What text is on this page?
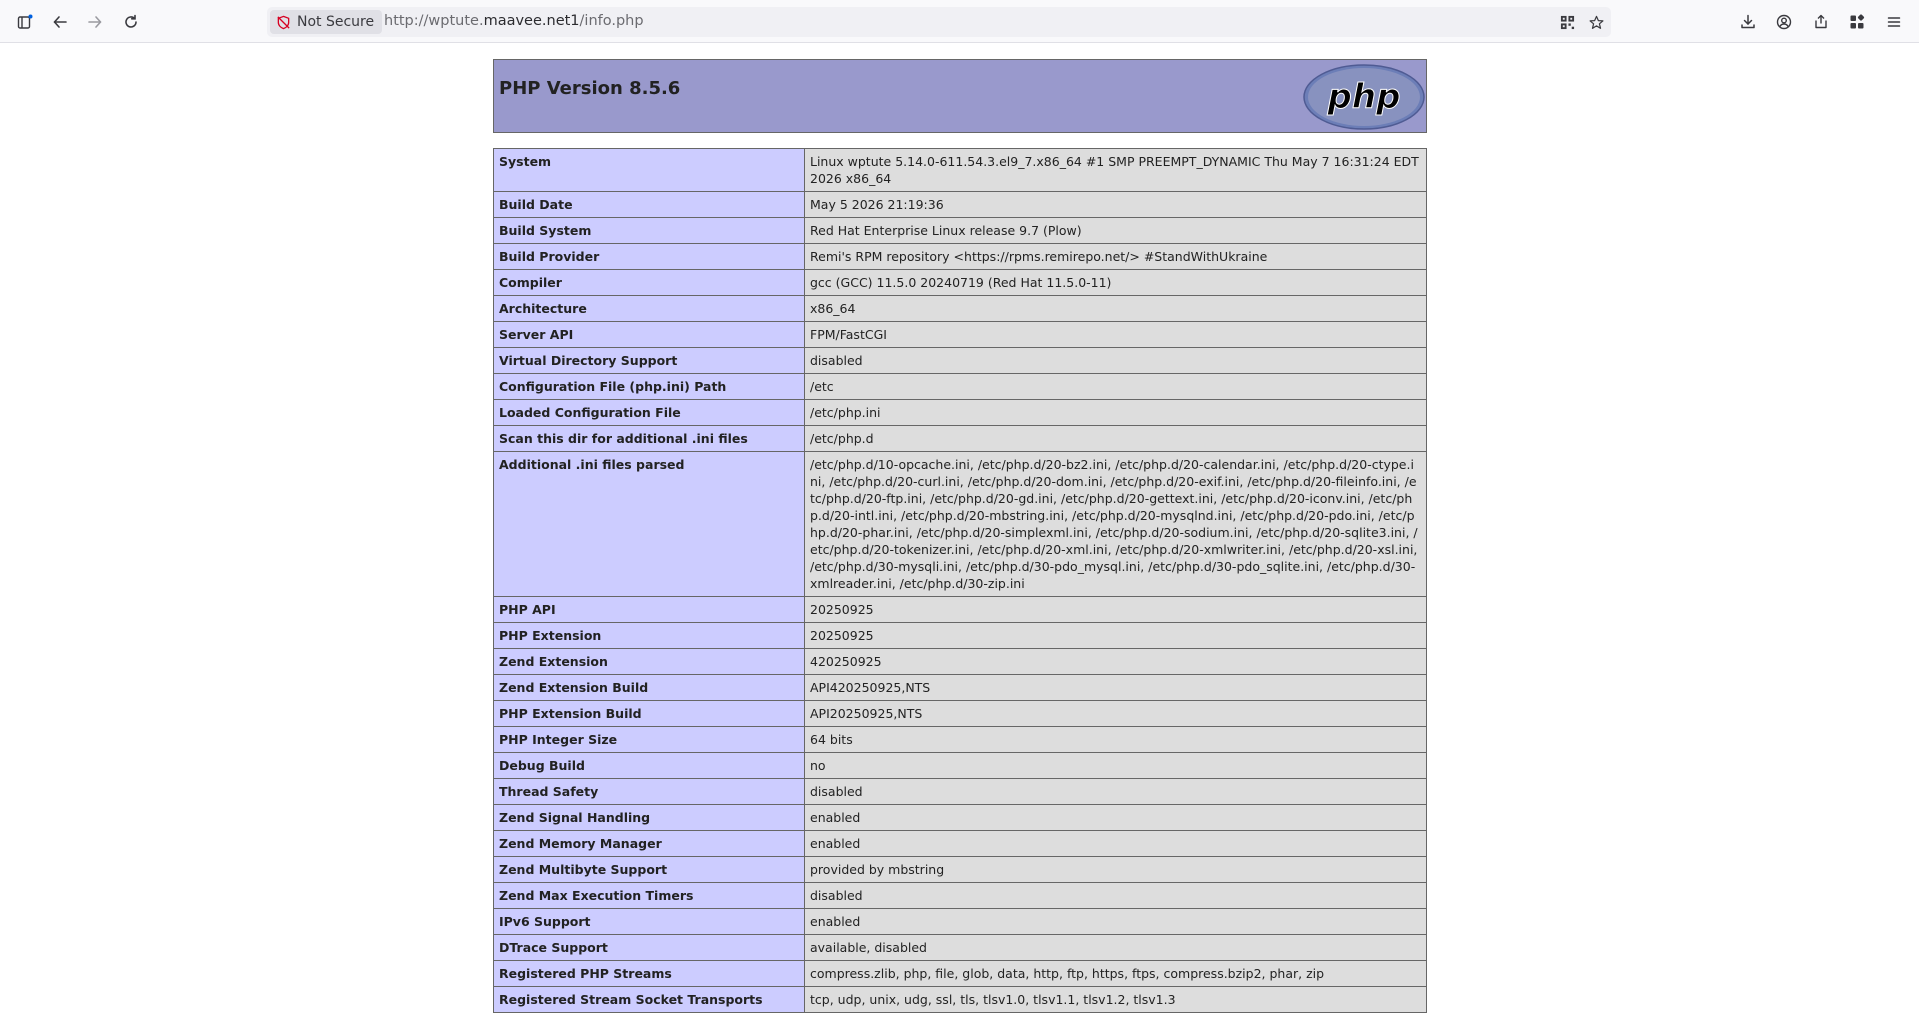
Not Secure http://wptute.maavee.net1/info.php
PHP Version 8.5.6	php
System	Linux wptute 5.14.0-611.54.3.el9_7.x86_64 #1 SMP PREEMPT_DYNAMIC Thu May 7 16:31:24 EDT 2026 x86_64
Build Date	May 5 2026 21:19:36
Build System	Red Hat Enterprise Linux release 9.7 (Plow)
Build Provider	Remi's RPM repository <https://rpms.remirepo.net/> #StandWithUkraine
Compiler	gcc (GCC) 11.5.0 20240719 (Red Hat 11.5.0-11)
Architecture	x86_64
Server API	FPM/FastCGI
Virtual Directory Support	disabled
Configuration File (php.ini) Path	/etc
Loaded Configuration File	/etc/php.ini
Scan this dir for additional .ini files	/etc/php.d
Additional .ini files parsed	/etc/php.d/10-opcache.ini, /etc/php.d/20-bz2.ini, /etc/php.d/20-calendar.ini, /etc/php.d/20-ctype.ini, /etc/php.d/20-curl.ini, /etc/php.d/20-dom.ini, /etc/php.d/20-exif.ini, /etc/php.d/20-fileinfo.ini, /etc/php.d/20-ftp.ini, /etc/php.d/20-gd.ini, /etc/php.d/20-gettext.ini, /etc/php.d/20-iconv.ini, /etc/php.d/20-intl.ini, /etc/php.d/20-mbstring.ini, /etc/php.d/20-mysqlnd.ini, /etc/php.d/20-pdo.ini, /etc/php.d/20-phar.ini, /etc/php.d/20-simplexml.ini, /etc/php.d/20-sodium.ini, /etc/php.d/20-sqlite3.ini, /etc/php.d/20-tokenizer.ini, /etc/php.d/20-xml.ini, /etc/php.d/20-xmlwriter.ini, /etc/php.d/20-xsl.ini, /etc/php.d/30-mysqli.ini, /etc/php.d/30-pdo_mysql.ini, /etc/php.d/30-pdo_sqlite.ini, /etc/php.d/30-xmlreader.ini, /etc/php.d/30-zip.ini
PHP API	20250925
PHP Extension	20250925
Zend Extension	420250925
Zend Extension Build	API420250925,NTS
PHP Extension Build	API20250925,NTS
PHP Integer Size	64 bits
Debug Build	no
Thread Safety	disabled
Zend Signal Handling	enabled
Zend Memory Manager	enabled
Zend Multibyte Support	provided by mbstring
Zend Max Execution Timers	disabled
IPv6 Support	enabled
DTrace Support	available, disabled
Registered PHP Streams	compress.zlib, php, file, glob, data, http, ftp, https, ftps, compress.bzip2, phar, zip
Registered Stream Socket Transports	tcp, udp, unix, udg, ssl, tls, tlsv1.0, tlsv1.1, tlsv1.2, tlsv1.3
